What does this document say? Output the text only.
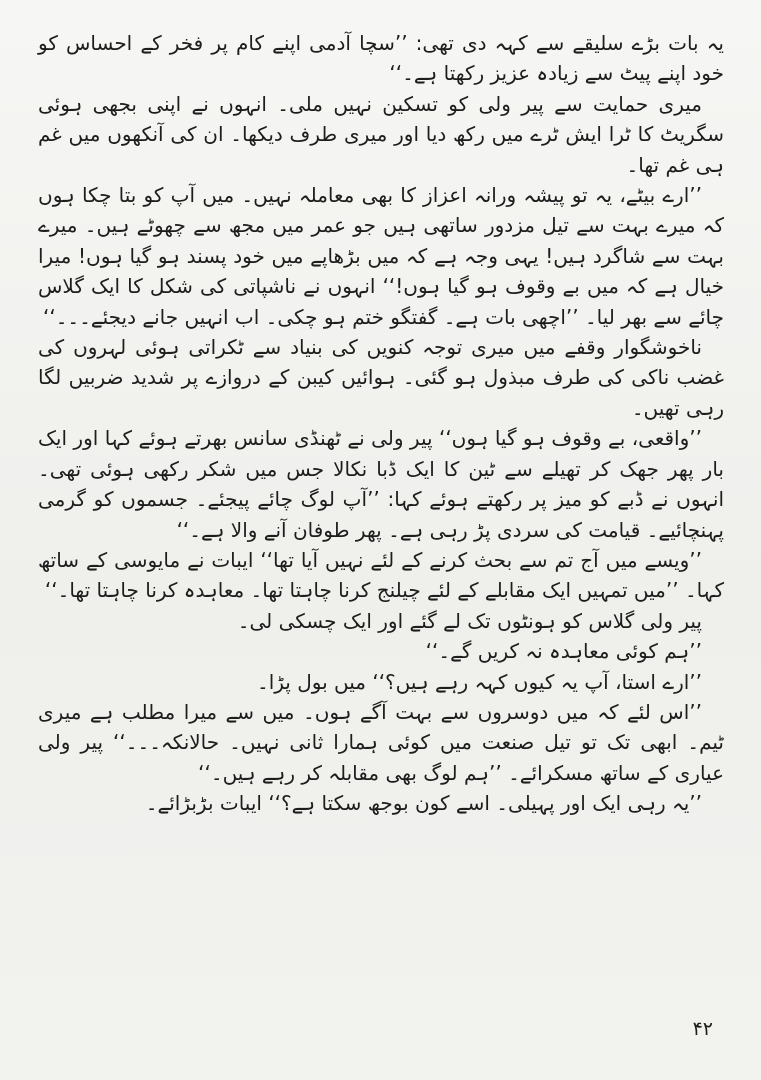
یہ بات بڑے سلیقے سے کہہ دی تھی: ’’سچا آدمی اپنے کام پر فخر کے احساس کو خود اپنے پیٹ سے زیادہ عزیز رکھتا ہے۔‘‘

میری حمایت سے پیر ولی کو تسکین نہیں ملی۔ انہوں نے اپنی بجھی ہوئی سگریٹ کا ٹرا ایش ٹرے میں رکھ دیا اور میری طرف دیکھا۔ ان کی آنکھوں میں غم ہی غم تھا۔

’’ارے بیٹے، یہ تو پیشہ ورانہ اعزاز کا بھی معاملہ نہیں۔ میں آپ کو بتا چکا ہوں کہ میرے بہت سے تیل مزدور ساتھی ہیں جو عمر میں مجھ سے چھوٹے ہیں۔ میرے بہت سے شاگرد ہیں! یہی وجہ ہے کہ میں بڑھاپے میں خود پسند ہو گیا ہوں! میرا خیال ہے کہ میں بے وقوف ہو گیا ہوں!‘‘ انہوں نے ناشپاتی کی شکل کا ایک گلاس چائے سے بھر لیا۔ ’’اچھی بات ہے۔ گفتگو ختم ہو چکی۔ اب انہیں جانے دیجئے۔۔۔‘‘

ناخوشگوار وقفے میں میری توجہ کنویں کی بنیاد سے ٹکراتی ہوئی لہروں کی غضب ناکی کی طرف مبذول ہو گئی۔ ہوائیں کیبن کے دروازے پر شدید ضربیں لگا رہی تھیں۔

’’واقعی، بے وقوف ہو گیا ہوں‘‘ پیر ولی نے ٹھنڈی سانس بھرتے ہوئے کہا اور ایک بار پھر جھک کر تھیلے سے ٹین کا ایک ڈبا نکالا جس میں شکر رکھی ہوئی تھی۔ انہوں نے ڈبے کو میز پر رکھتے ہوئے کہا: ’’آپ لوگ چائے پیجئے۔ جسموں کو گرمی پہنچائیے۔ قیامت کی سردی پڑ رہی ہے۔ پھر طوفان آنے والا ہے۔‘‘

’’ویسے میں آج تم سے بحث کرنے کے لئے نہیں آیا تھا‘‘ ایبات نے مایوسی کے ساتھ کہا۔ ’’میں تمہیں ایک مقابلے کے لئے چیلنج کرنا چاہتا تھا۔ معاہدہ کرنا چاہتا تھا۔‘‘

پیر ولی گلاس کو ہونٹوں تک لے گئے اور ایک چسکی لی۔

’’ہم کوئی معاہدہ نہ کریں گے۔‘‘

’’ارے استا، آپ یہ کیوں کہہ رہے ہیں؟‘‘ میں بول پڑا۔

’’اس لئے کہ میں دوسروں سے بہت آگے ہوں۔ میں سے میرا مطلب ہے میری ٹیم۔ ابھی تک تو تیل صنعت میں کوئی ہمارا ثانی نہیں۔ حالانکہ۔۔۔‘‘ پیر ولی عیاری کے ساتھ مسکرائے۔ ’’ہم لوگ بھی مقابلہ کر رہے ہیں۔‘‘

’’یہ رہی ایک اور پہیلی۔ اسے کون بوجھ سکتا ہے؟‘‘ ایبات بڑبڑائے۔

۴۲
